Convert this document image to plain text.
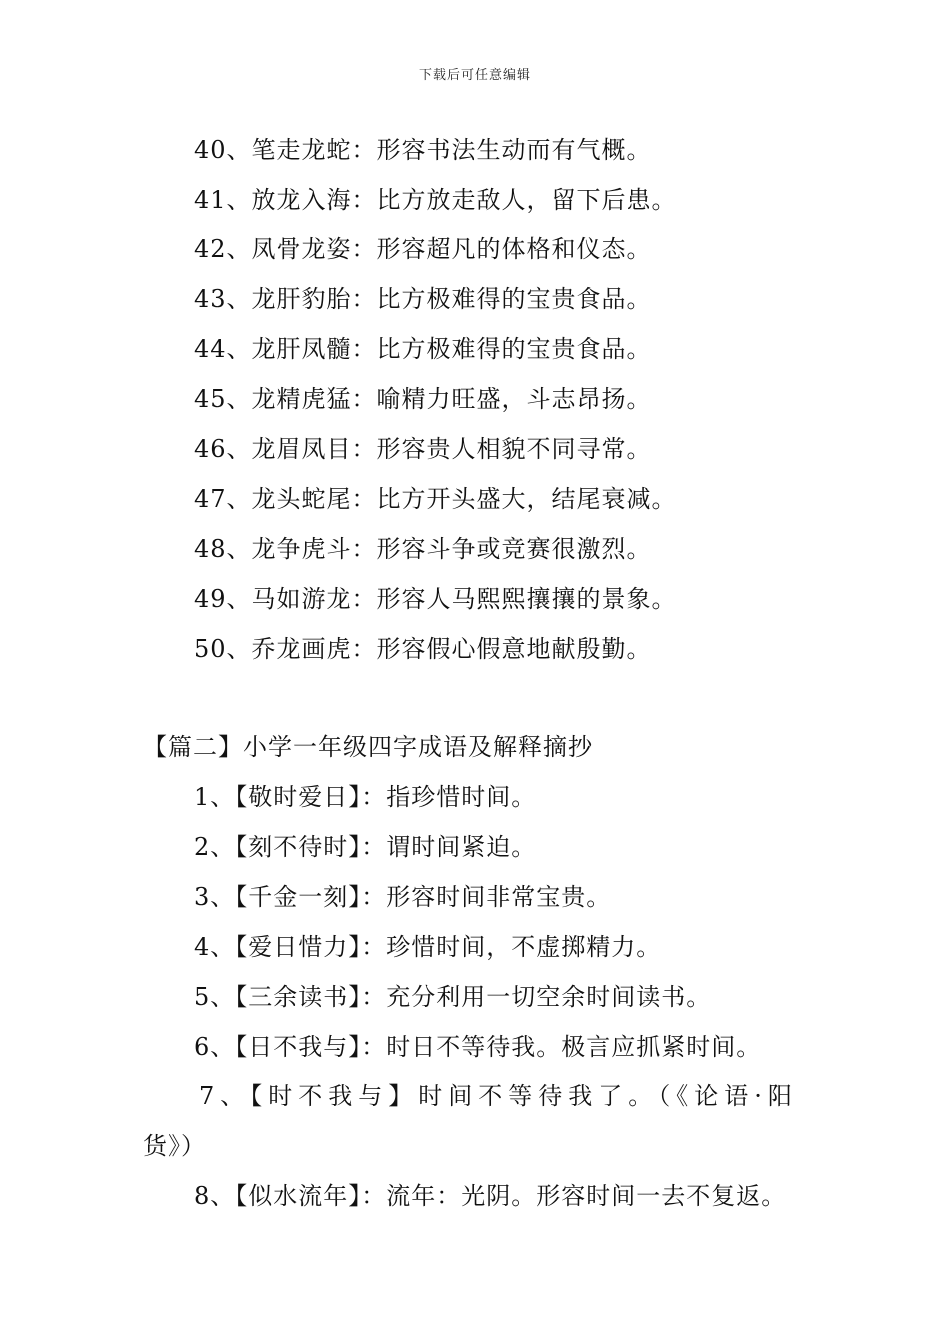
下载后可任意编辑
40、笔走龙蛇：形容书法生动而有气概。
41、放龙入海：比方放走敌人，留下后患。
42、凤骨龙姿：形容超凡的体格和仪态。
43、龙肝豹胎：比方极难得的宝贵食品。
44、龙肝凤髓：比方极难得的宝贵食品。
45、龙精虎猛：喻精力旺盛，斗志昂扬。
46、龙眉凤目：形容贵人相貌不同寻常。
47、龙头蛇尾：比方开头盛大，结尾衰减。
48、龙争虎斗：形容斗争或竞赛很激烈。
49、马如游龙：形容人马熙熙攘攘的景象。
50、乔龙画虎：形容假心假意地献殷勤。
【篇二】小学一年级四字成语及解释摘抄
1、【敬时爱日】：指珍惜时间。
2、【刻不待时】：谓时间紧迫。
3、【千金一刻】：形容时间非常宝贵。
4、【爱日惜力】：珍惜时间，不虚掷精力。
5、【三余读书】：充分利用一切空余时间读书。
6、【日不我与】：时日不等待我。极言应抓紧时间。
7、【时不我与】时间不等待我了。（《论语·阳
货》）
8、【似水流年】：流年：光阴。形容时间一去不复返。
